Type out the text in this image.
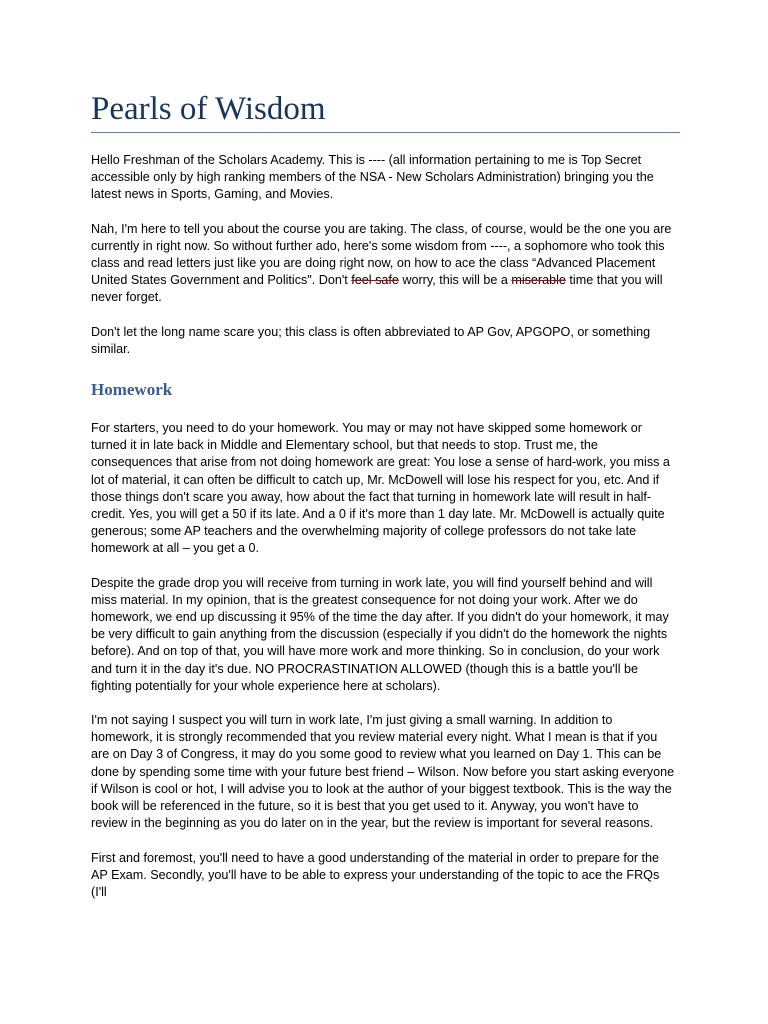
Pearls of Wisdom

Hello Freshman of the Scholars Academy. This is ---- (all information pertaining to me is Top Secret accessible only by high ranking members of the NSA - New Scholars Administration) bringing you the latest news in Sports, Gaming, and Movies.

Nah, I'm here to tell you about the course you are taking. The class, of course, would be the one you are currently in right now. So without further ado, here's some wisdom from ----, a sophomore who took this class and read letters just like you are doing right now, on how to ace the class “Advanced Placement United States Government and Politics". Don't feel safe worry, this will be a miserable time that you will never forget.

Don't let the long name scare you; this class is often abbreviated to AP Gov, APGOPO, or something similar.

Homework

For starters, you need to do your homework. You may or may not have skipped some homework or turned it in late back in Middle and Elementary school, but that needs to stop. Trust me, the consequences that arise from not doing homework are great: You lose a sense of hard-work, you miss a lot of material, it can often be difficult to catch up, Mr. McDowell will lose his respect for you, etc. And if those things don't scare you away, how about the fact that turning in homework late will result in half-credit. Yes, you will get a 50 if its late. And a 0 if it's more than 1 day late. Mr. McDowell is actually quite generous; some AP teachers and the overwhelming majority of college professors do not take late homework at all – you get a 0.

Despite the grade drop you will receive from turning in work late, you will find yourself behind and will miss material. In my opinion, that is the greatest consequence for not doing your work. After we do homework, we end up discussing it 95% of the time the day after. If you didn't do your homework, it may be very difficult to gain anything from the discussion (especially if you didn't do the homework the nights before). And on top of that, you will have more work and more thinking. So in conclusion, do your work and turn it in the day it's due. NO PROCRASTINATION ALLOWED (though this is a battle you'll be fighting potentially for your whole experience here at scholars).

I'm not saying I suspect you will turn in work late, I'm just giving a small warning. In addition to homework, it is strongly recommended that you review material every night. What I mean is that if you are on Day 3 of Congress, it may do you some good to review what you learned on Day 1. This can be done by spending some time with your future best friend – Wilson. Now before you start asking everyone if Wilson is cool or hot, I will advise you to look at the author of your biggest textbook. This is the way the book will be referenced in the future, so it is best that you get used to it. Anyway, you won't have to review in the beginning as you do later on in the year, but the review is important for several reasons.

First and foremost, you'll need to have a good understanding of the material in order to prepare for the AP Exam. Secondly, you'll have to be able to express your understanding of the topic to ace the FRQs (I'll
